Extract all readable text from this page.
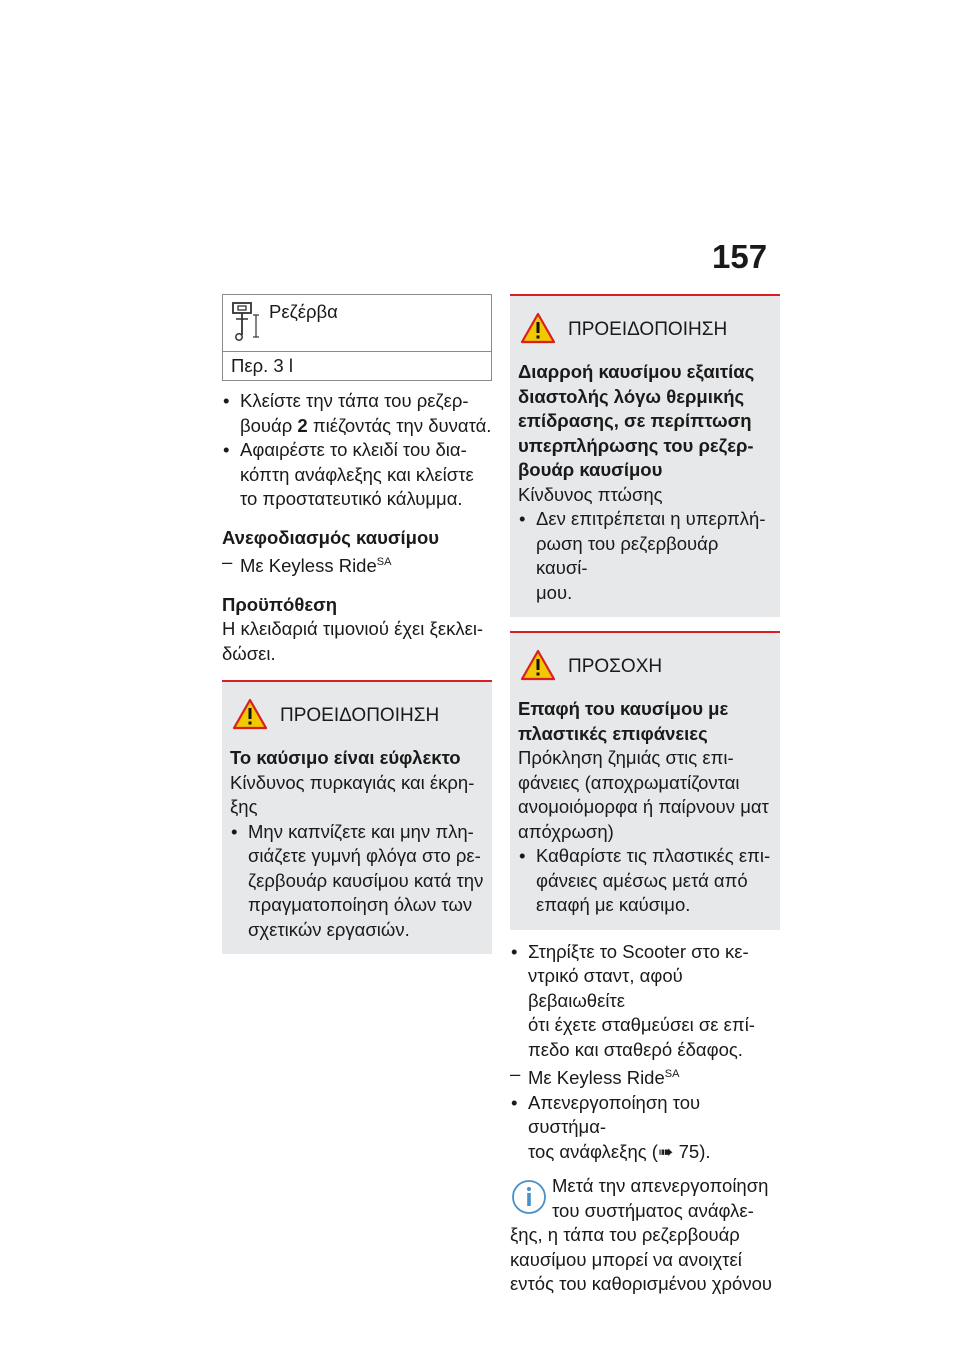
157
Ρεζέρβα
Περ. 3 l

• Κλείστε την τάπα του ρεζερ-
βουάρ 2 πιέζοντάς την δυνατά.

• Αφαιρέστε το κλειδί του δια-
κόπτη ανάφλεξης και κλείστε
το προστατευτικό κάλυμμα.

Ανεφοδιασμός καυσίμου

– Με Keyless Ride$^{SA}$

Προϋπόθεση

Η κλειδαριά τιμονιού έχει ξεκλει-
δώσει.

ΠΡΟΕΙΔΟΠΟΙΗΣΗ

Το καύσιμο είναι εύφλεκτο

Κίνδυνος πυρκαγιάς και έκρη-
ξης

• Μην καπνίζετε και μην πλη-
σιάζετε γυμνή φλόγα στο ρε-
ζερβουάρ καυσίμου κατά την
πραγματοποίηση όλων των
σχετικών εργασιών.

ΠΡΟΕΙΔΟΠΟΙΗΣΗ

Διαρροή καυσίμου εξαιτίας
διαστολής λόγω θερμικής
επίδρασης, σε περίπτωση
υπερπλήρωσης του ρεζερ-
βουάρ καυσίμου

Κίνδυνος πτώσης

• Δεν επιτρέπεται η υπερπλή-
ρωση του ρεζερβουάρ καυσί-
μου.

ΠΡΟΣΟΧΗ

Επαφή του καυσίμου με
πλαστικές επιφάνειες

Πρόκληση ζημιάς στις επι-
φάνειες (αποχρωματίζονται
ανομοιόμορφα ή παίρνουν ματ
απόχρωση)

• Καθαρίστε τις πλαστικές επι-
φάνειες αμέσως μετά από
επαφή με καύσιμο.

• Στηρίξτε το Scooter στο κε-
ντρικό σταντ, αφού βεβαιωθείτε
ότι έχετε σταθμεύσει σε επί-
πεδο και σταθερό έδαφος.

– Με Keyless Ride$^{SA}$

• Απενεργοποίηση του συστήμα-
τος ανάφλεξης (➠ 75).

Μετά την απενεργοποίηση
του συστήματος ανάφλε-
ξης, η τάπα του ρεζερβουάρ
καυσίμου μπορεί να ανοιχτεί
εντός του καθορισμένου χρόνου
